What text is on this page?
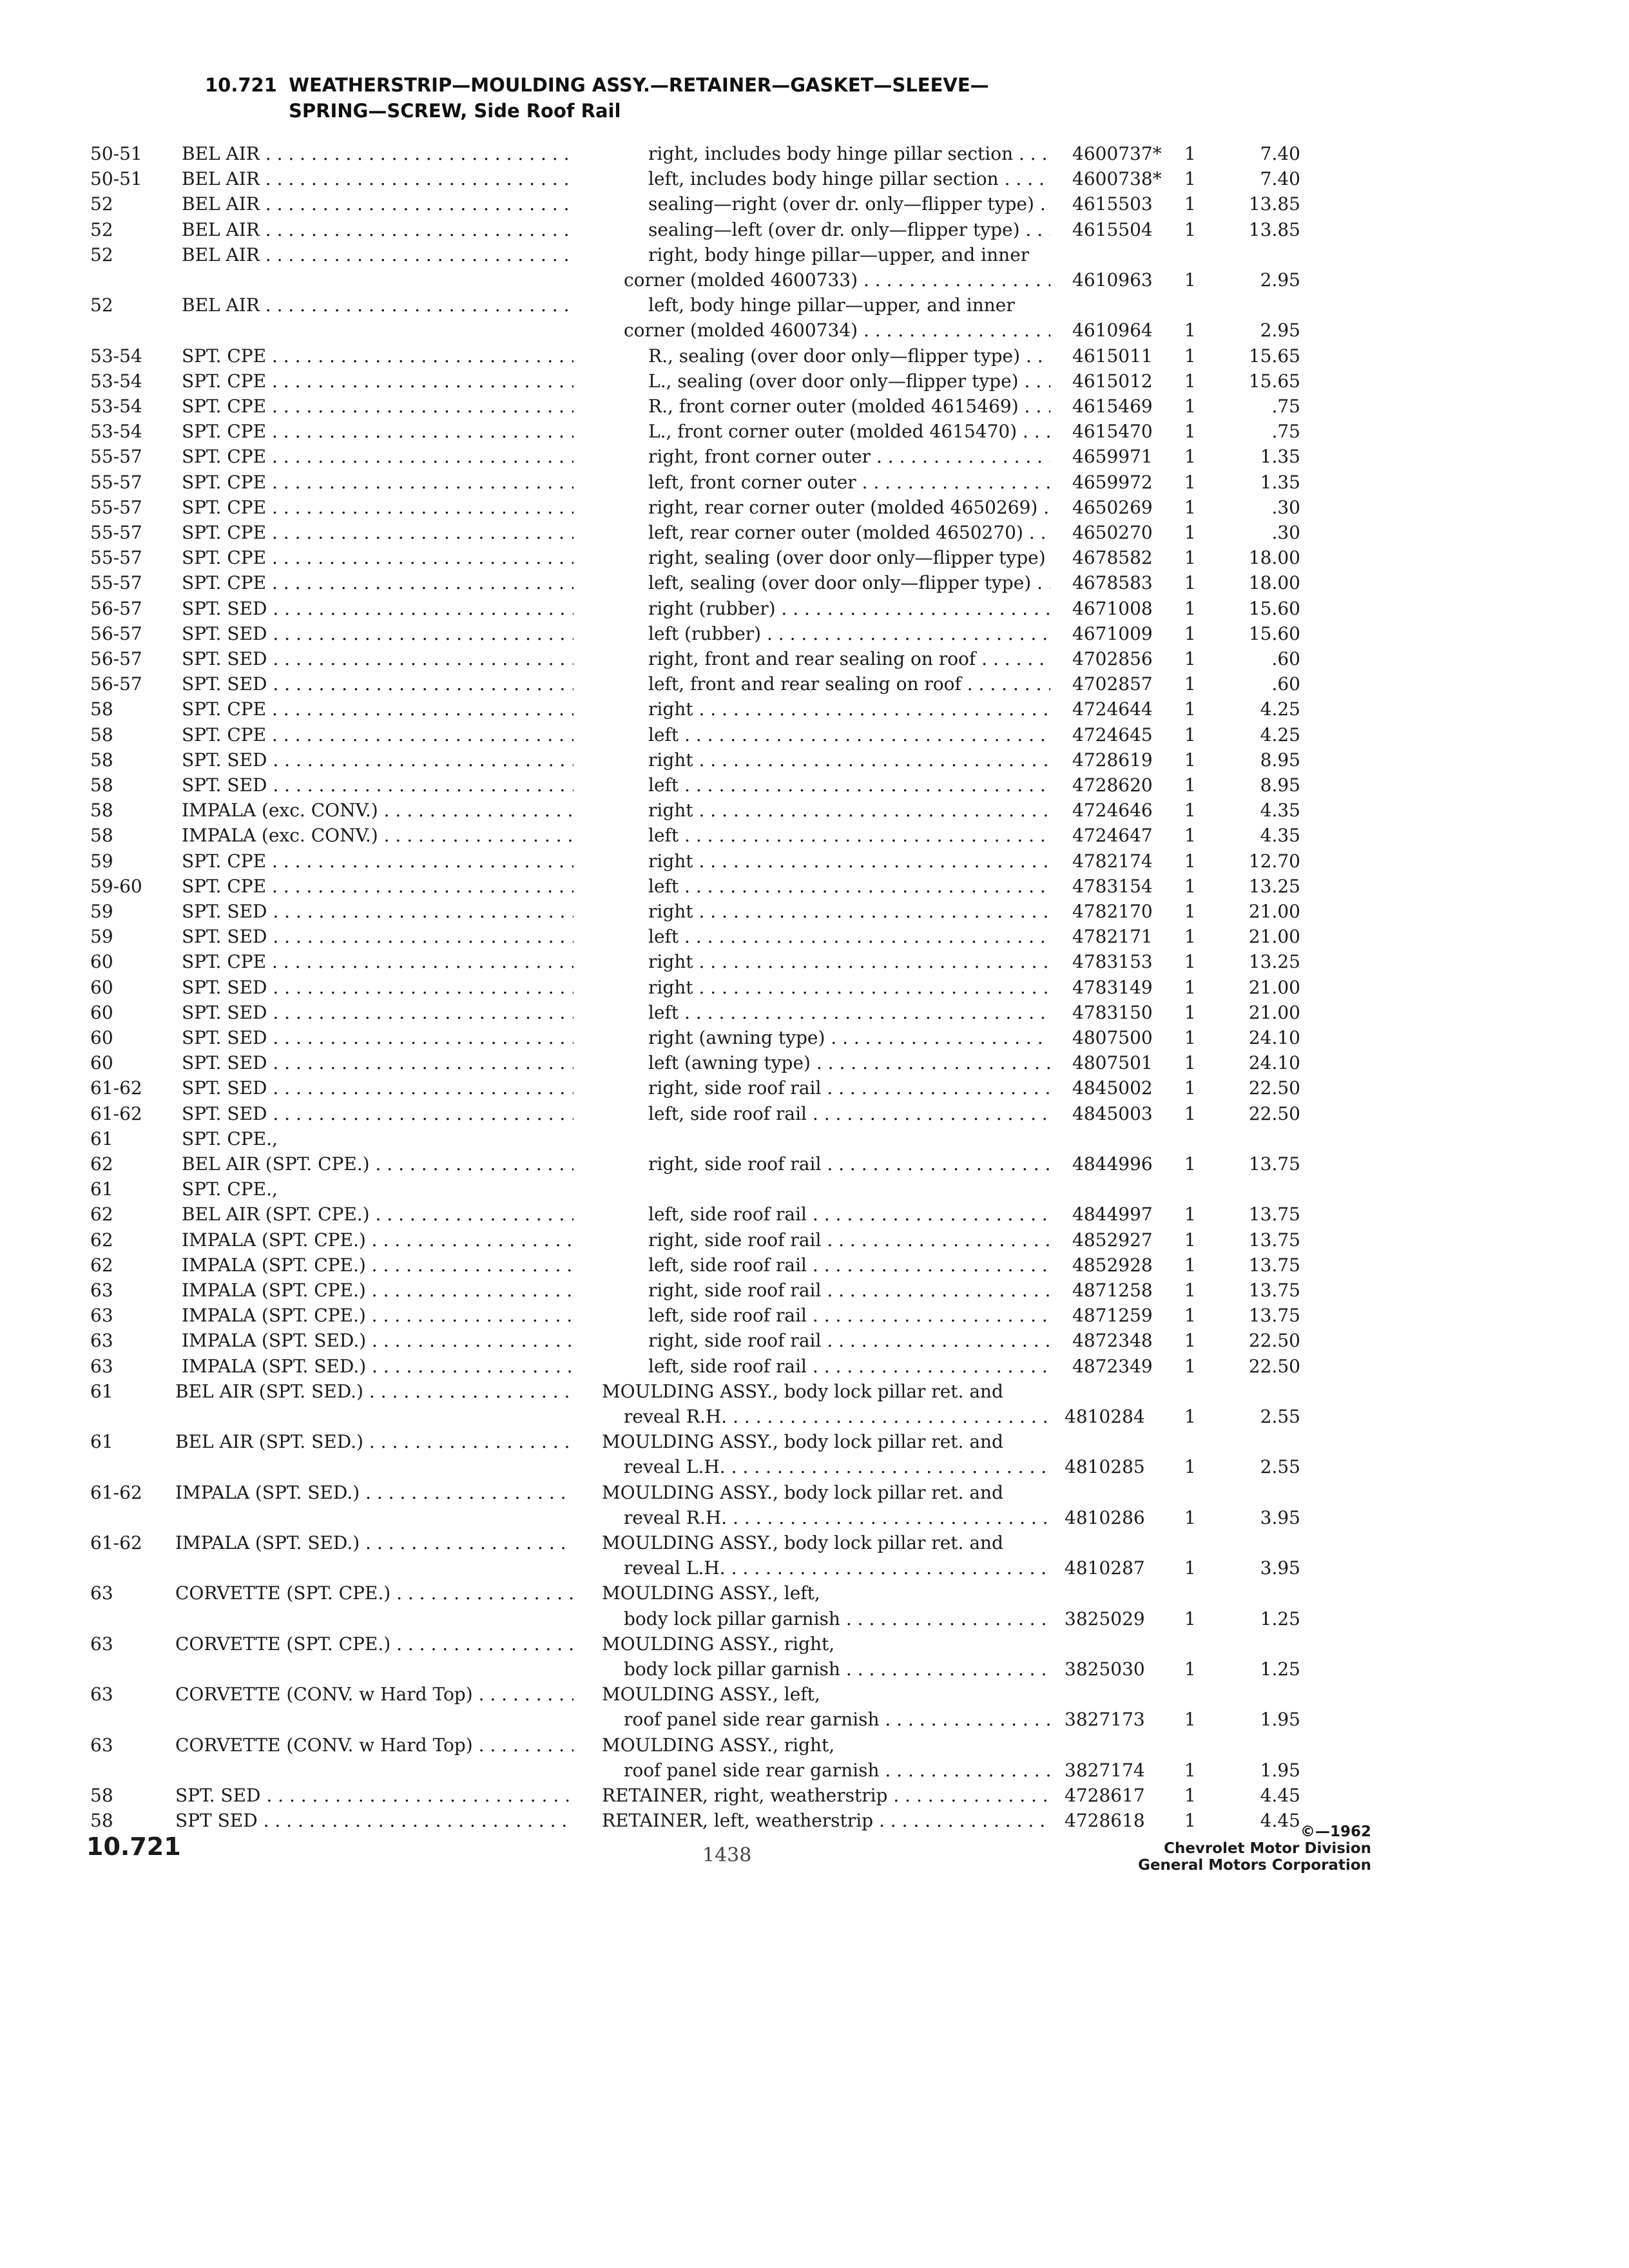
10.721 WEATHERSTRIP—MOULDING ASSY.—RETAINER—GASKET—SLEEVE—
SPRING—SCREW, Side Roof Rail
50-51 BEL AIR . . .	right, includes body hinge pillar section . . .	4600737* 1	7.40
50-51 BEL AIR . . .	left, includes body hinge pillar section . . .	4600738* 1	7.40
52	BEL AIR . . .	sealing—right (over dr. only—flipper type) . . .	4615503 1	13.85
52	BEL AIR . . .	sealing—left (over dr. only—flipper type) . . .	4615504 1	13.85
52	BEL AIR . . .	right, body hinge pillar—upper, and inner
corner (molded 4600733) . . .	4610963 1	2.95
52	BEL AIR . . .	left, body hinge pillar—upper, and inner
corner (molded 4600734) . . .	4610964 1	2.95
53-54 SPT. CPE . . .	R., sealing (over door only—flipper type) . . .	4615011 1	15.65
53-54 SPT. CPE . . .	L., sealing (over door only—flipper type) . . .	4615012 1	15.65
53-54 SPT. CPE . . .	R., front corner outer (molded 4615469) . . .	4615469 1	.75
53-54 SPT. CPE . . .	L., front corner outer (molded 4615470) . . .	4615470 1	.75
55-57 SPT. CPE . . .	right, front corner outer . . .	4659971 1	1.35
55-57 SPT. CPE . . .	left, front corner outer . . .	4659972 1	1.35
55-57 SPT. CPE . . .	right, rear corner outer (molded 4650269) . . .	4650269 1	.30
55-57 SPT. CPE . . .	left, rear corner outer (molded 4650270) . . .	4650270 1	.30
55-57 SPT. CPE . . .	right, sealing (over door only—flipper type) . . . 4678582 1	18.00
55-57 SPT. CPE . . .	left, sealing (over door only—flipper type) . . .	4678583 1	18.00
56-57 SPT. SED . . .	right (rubber) . . .	4671008 1	15.60
56-57 SPT. SED . . .	left (rubber) . . .	4671009 1	15.60
56-57 SPT. SED . . .	right, front and rear sealing on roof . . .	4702856 1	.60
56-57 SPT. SED . . .	left, front and rear sealing on roof . . .	4702857 1	.60
58	SPT. CPE . . .	right . . .	4724644 1	4.25
58	SPT. CPE . . .	left . . .	4724645 1	4.25
58	SPT. SED . . .	right . . .	4728619 1	8.95
58	SPT. SED . . .	left . . .	4728620 1	8.95
58	IMPALA (exc. CONV.) . . .	right . . .	4724646 1	4.35
58	IMPALA (exc. CONV.) . . .	left . . .	4724647 1	4.35
59	SPT. CPE . . .	right . . .	4782174 1	12.70
59-60 SPT. CPE . . .	left . . .	4783154 1	13.25
59	SPT. SED . . .	right . . .	4782170 1	21.00
59	SPT. SED . . .	left . . .	4782171 1	21.00
60	SPT. CPE . . .	right . . .	4783153 1	13.25
60	SPT. SED . . .	right . . .	4783149 1	21.00
60	SPT. SED . . .	left . . .	4783150 1	21.00
60	SPT. SED . . .	right (awning type) . . .	4807500 1	24.10
60	SPT. SED . . .	left (awning type) . . .	4807501 1	24.10
61-62 SPT. SED . . .	right, side roof rail . . .	4845002 1	22.50
61-62 SPT. SED . . .	left, side roof rail . . .	4845003 1	22.50
61	SPT. CPE.,
62	BEL AIR (SPT. CPE.) . . .	right, side roof rail . . .	4844996 1	13.75
61	SPT. CPE.,
62	BEL AIR (SPT. CPE.) . . .	left, side roof rail . . .	4844997 1	13.75
62	IMPALA (SPT. CPE.) . . .	right, side roof rail . . .	4852927 1	13.75
62	IMPALA (SPT. CPE.) . . .	left, side roof rail . . .	4852928 1	13.75
63	IMPALA (SPT. CPE.) . . .	right, side roof rail . . .	4871258 1	13.75
63	IMPALA (SPT. CPE.) . . .	left, side roof rail . . .	4871259 1	13.75
63	IMPALA (SPT. SED.) . . .	right, side roof rail . . .	4872348 1	22.50
63	IMPALA (SPT. SED.) . . .	left, side roof rail . . .	4872349 1	22.50
61	BEL AIR (SPT. SED.) . . .	MOULDING ASSY., body lock pillar ret. and
reveal R.H. . . .	4810284 1	2.55
61	BEL AIR (SPT. SED.) . . .	MOULDING ASSY., body lock pillar ret. and
reveal L.H. . . .	4810285 1	2.55
61-62 IMPALA (SPT. SED.) . . .	MOULDING ASSY., body lock pillar ret. and
reveal R.H. . . .	4810286 1	3.95
61-62 IMPALA (SPT. SED.) . . .	MOULDING ASSY., body lock pillar ret. and
reveal L.H. . . .	4810287 1	3.95
63	CORVETTE (SPT. CPE.) . . .	MOULDING ASSY., left,
body lock pillar garnish . . .	3825029 1	1.25
63	CORVETTE (SPT. CPE.) . . .	MOULDING ASSY., right,
body lock pillar garnish . . .	3825030 1	1.25
63	CORVETTE (CONV. w Hard Top) . . .	MOULDING ASSY., left,
roof panel side rear garnish . . .	3827173 1	1.95
63	CORVETTE (CONV. w Hard Top) . . .	MOULDING ASSY., right,
roof panel side rear garnish . . .	3827174 1	1.95
58	SPT. SED . . .	RETAINER, right, weatherstrip . . .	4728617 1	4.45
58	SPT SED . . .	RETAINER, left, weatherstrip . . .	4728618 1	4.45
10.721	1438
©—1962
Chevrolet Motor Division
General Motors Corporation
